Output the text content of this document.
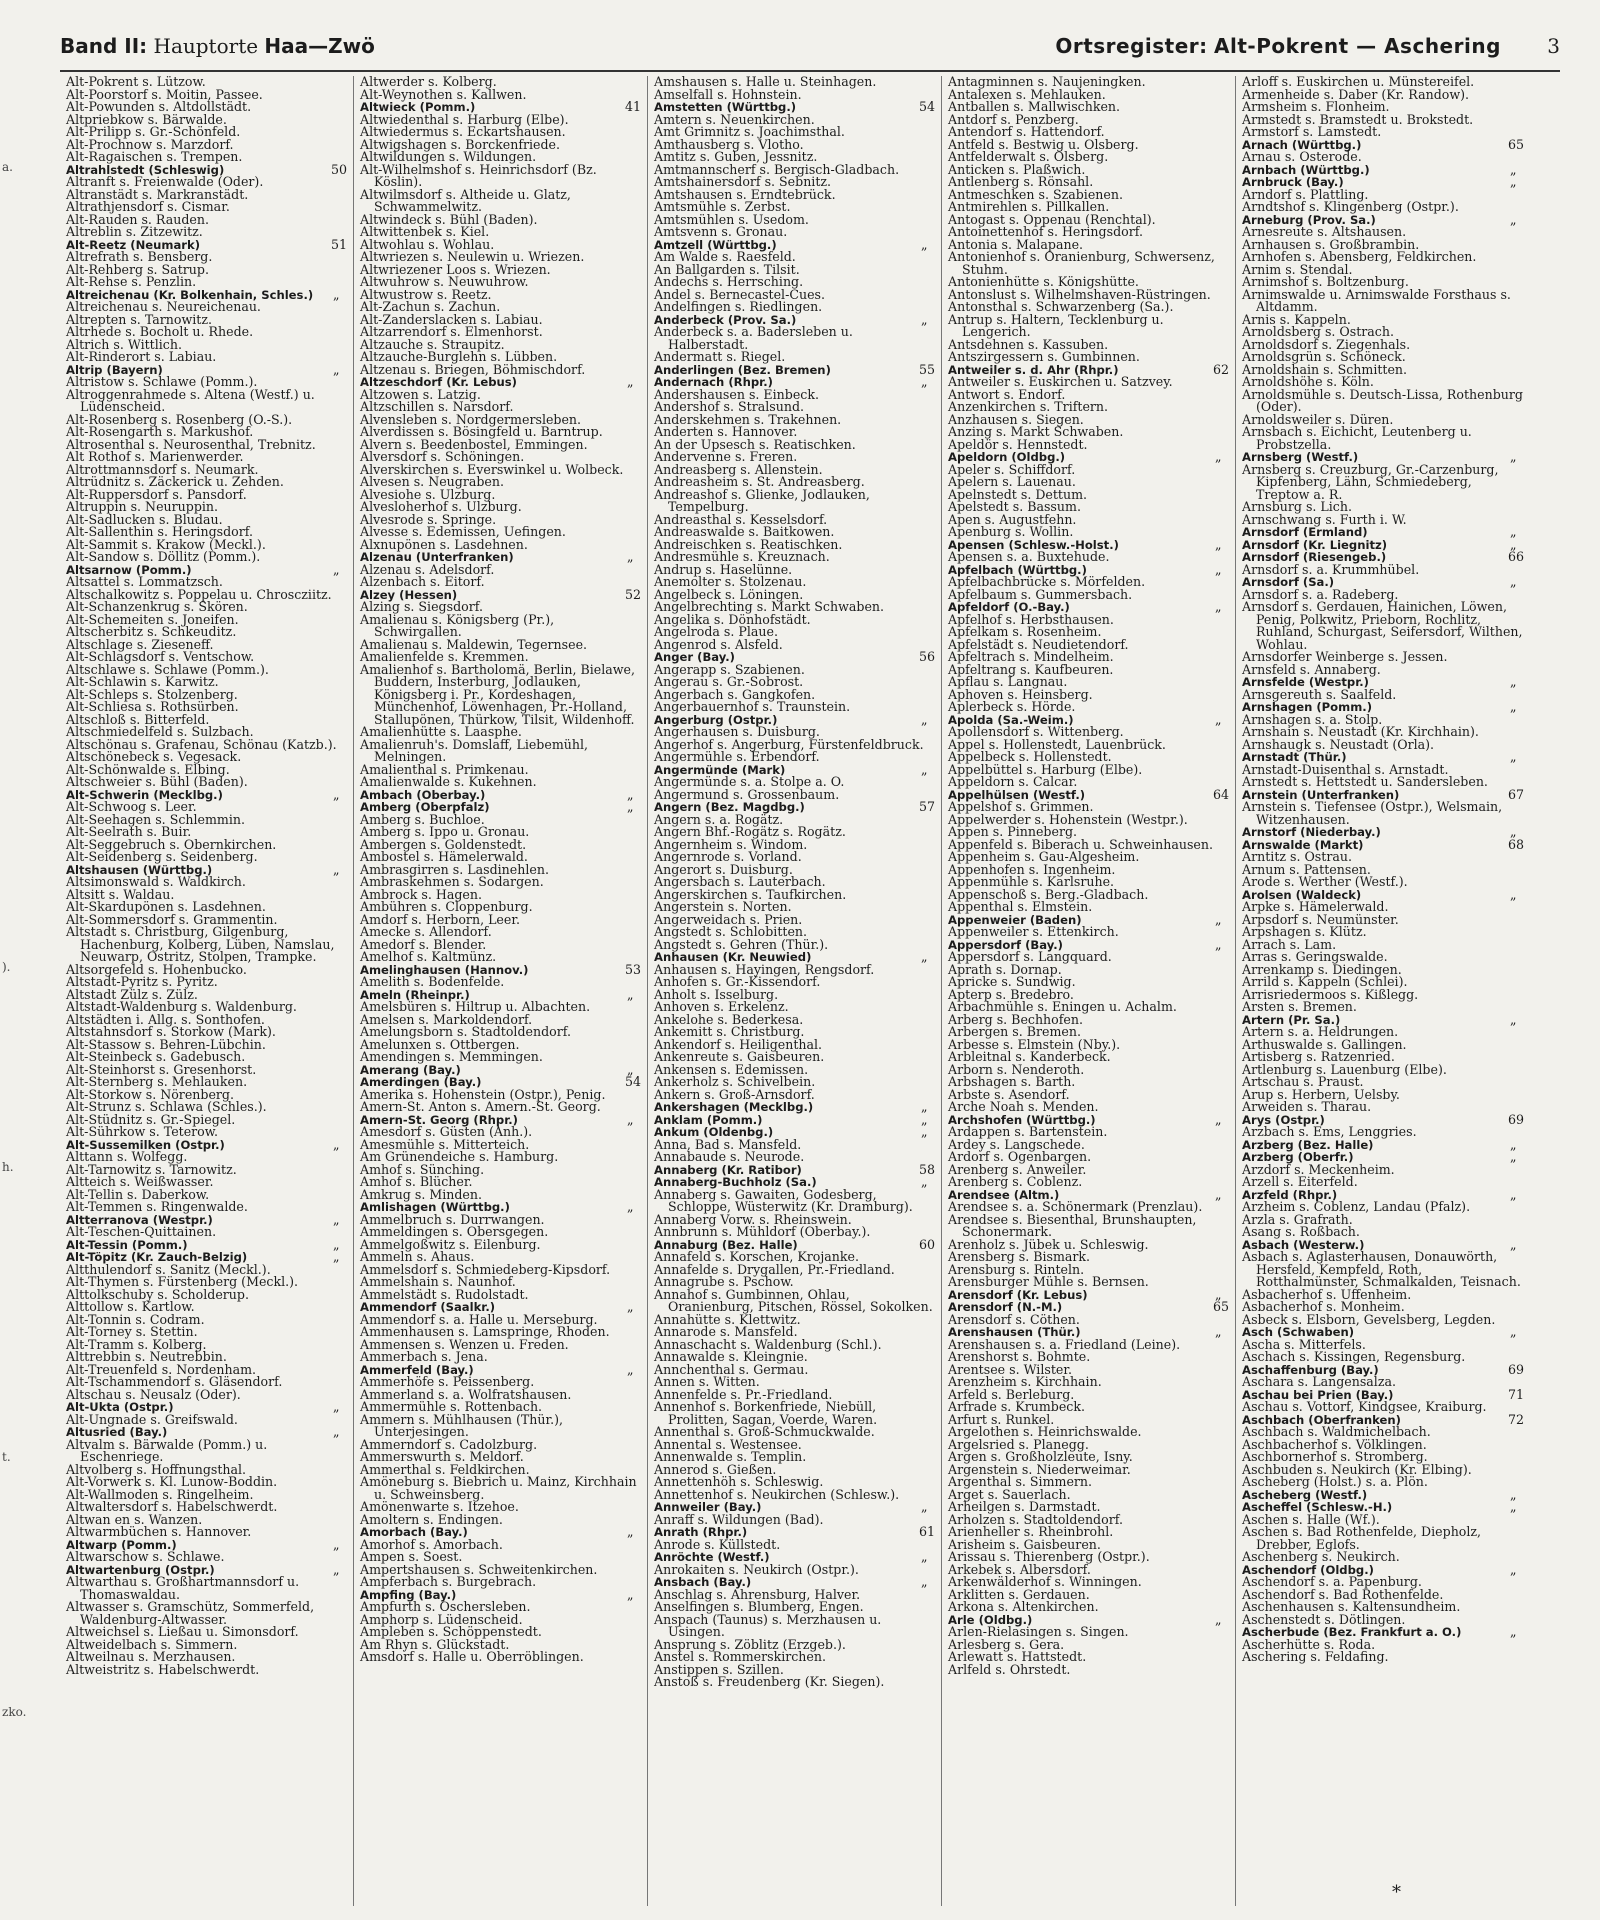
Band II: Hauptorte Haa—Zwö	Ortsregister: Alt-Pokrent — Aschering 3
a.
).
h.
t.
zko.

Alt-Pokrent s. Lützow.

Alt-Poorstorf s. Moitin, Passee.

Alt-Powunden s. Altdollstädt.

Altpriebkow s. Bärwalde.

Alt-Prilipp s. Gr.-Schönfeld.

Alt-Prochnow s. Marzdorf.

Alt-Ragaischen s. Trempen.

50
Altrahlstedt (Schleswig)

Altranft s. Freienwalde (Oder).

Altranstädt s. Markranstädt.

Altrathjensdorf s. Cismar.

Alt-Rauden s. Rauden.

Altreblin s. Zitzewitz.

51
Alt-Reetz (Neumark)

Altrefrath s. Bensberg.

Alt-Rehberg s. Satrup.

Alt-Rehse s. Penzlin.

„
Altreichenau (Kr. Bolkenhain, Schles.)

Altreichenau s. Neureichenau.

Altrepten s. Tarnowitz.

Altrhede s. Bocholt u. Rhede.

Altrich s. Wittlich.

Alt-Rinderort s. Labiau.

„
Altrip (Bayern)

Altristow s. Schlawe (Pomm.).

Altroggenrahmede s. Altena (Westf.) u. Lüdenscheid.

Alt-Rosenberg s. Rosenberg (O.-S.).

Alt-Rosengarth s. Markushof.

Altrosenthal s. Neurosenthal, Trebnitz.

Alt Rothof s. Marienwerder.

Altrottmannsdorf s. Neumark.

Altrüdnitz s. Zäckerick u. Zehden.

Alt-Ruppersdorf s. Pansdorf.

Altruppin s. Neuruppin.

Alt-Sadlucken s. Bludau.

Alt-Sallenthin s. Heringsdorf.

Alt-Sammit s. Krakow (Meckl.).

Alt-Sandow s. Döllitz (Pomm.).

„
Altsarnow (Pomm.)

Altsattel s. Lommatzsch.

Altschalkowitz s. Poppelau u. Chroscziitz.

Alt-Schanzenkrug s. Skören.

Alt-Schemeiten s. Joneifen.

Altscherbitz s. Schkeuditz.

Altschlage s. Zieseneff.

Alt-Schlagsdorf s. Ventschow.

Altschlawe s. Schlawe (Pomm.).

Alt-Schlawin s. Karwitz.

Alt-Schleps s. Stolzenberg.

Alt-Schliesa s. Rothsürben.

Altschloß s. Bitterfeld.

Altschmiedelfeld s. Sulzbach.

Altschönau s. Grafenau, Schönau (Katzb.).

Altschönebeck s. Vegesack.

Alt-Schönwalde s. Elbing.

Altschweier s. Bühl (Baden).

„
Alt-Schwerin (Mecklbg.)

Alt-Schwoog s. Leer.

Alt-Seehagen s. Schlemmin.

Alt-Seelrath s. Buir.

Alt-Seggebruch s. Obernkirchen.

Alt-Seidenberg s. Seidenberg.

„
Altshausen (Württbg.)

Altsimonswald s. Waldkirch.

Altsitt s. Waldau.

Alt-Skardupönen s. Lasdehnen.

Alt-Sommersdorf s. Grammentin.

Altstadt s. Christburg, Gilgenburg, Hachenburg, Kolberg, Lüben, Namslau, Neuwarp, Ostritz, Stolpen, Trampke.

Altsorgefeld s. Hohenbucko.

Altstadt-Pyritz s. Pyritz.

Altstadt Zülz s. Zülz.

Altstadt-Waldenburg s. Waldenburg.

Altstädten i. Allg. s. Sonthofen.

Altstahnsdorf s. Storkow (Mark).

Alt-Stassow s. Behren-Lübchin.

Alt-Steinbeck s. Gadebusch.

Alt-Steinhorst s. Gresenhorst.

Alt-Sternberg s. Mehlauken.

Alt-Storkow s. Nörenberg.

Alt-Strunz s. Schlawa (Schles.).

Alt-Stüdnitz s. Gr.-Spiegel.

Alt-Sührkow s. Teterow.

„
Alt-Sussemilken (Ostpr.)

Alttann s. Wolfegg.

Alt-Tarnowitz s. Tarnowitz.

Altteich s. Weißwasser.

Alt-Tellin s. Daberkow.

Alt-Temmen s. Ringenwalde.

„
Altterranova (Westpr.)

Alt-Teschen-Quittainen.

„
Alt-Tessin (Pomm.)

„
Alt-Töpitz (Kr. Zauch-Belzig)

Altthulendorf s. Sanitz (Meckl.).

Alt-Thymen s. Fürstenberg (Meckl.).

Alttolkschuby s. Scholderup.

Alttollow s. Kartlow.

Alt-Tonnin s. Codram.

Alt-Torney s. Stettin.

Alt-Tramm s. Kolberg.

Alttrebbin s. Neutrebbin.

Alt-Treuenfeld s. Nordenham.

Alt-Tschammendorf s. Gläsendorf.

Altschau s. Neusalz (Oder).

„
Alt-Ukta (Ostpr.)

Alt-Ungnade s. Greifswald.

„
Altusried (Bay.)

Altvalm s. Bärwalde (Pomm.) u. Eschenriege.

Altvolberg s. Hoffnungsthal.

Alt-Vorwerk s. Kl. Lunow-Boddin.

Alt-Wallmoden s. Ringelheim.

Altwaltersdorf s. Habelschwerdt.

Altwan en s. Wanzen.

Altwarmbüchen s. Hannover.

„
Altwarp (Pomm.)

Altwarschow s. Schlawe.

„
Altwartenburg (Ostpr.)

Altwarthau s. Großhartmannsdorf u. Thomaswaldau.

Altwasser s. Gramschütz, Sommerfeld, Waldenburg-Altwasser.

Altweichsel s. Ließau u. Simonsdorf.

Altweidelbach s. Simmern.

Altweilnau s. Merzhausen.

Altweistritz s. Habelschwerdt.

Altwerder s. Kolberg.

Alt-Weynothen s. Kallwen.

41
Altwieck (Pomm.)

Altwiedenthal s. Harburg (Elbe).

Altwiedermus s. Eckartshausen.

Altwigshagen s. Borckenfriede.

Altwildungen s. Wildungen.

Alt-Wilhelmshof s. Heinrichsdorf (Bz. Köslin).

Altwilmsdorf s. Altheide u. Glatz, Schwammelwitz.

Altwindeck s. Bühl (Baden).

Altwittenbek s. Kiel.

Altwohlau s. Wohlau.

Altwriezen s. Neulewin u. Wriezen.

Altwriezener Loos s. Wriezen.

Altwuhrow s. Neuwuhrow.

Altwustrow s. Reetz.

Alt-Zachun s. Zachun.

Alt-Zanderslacken s. Labiau.

Altzarrendorf s. Elmenhorst.

Altzauche s. Straupitz.

Altzauche-Burglehn s. Lübben.

Altzenau s. Briegen, Böhmischdorf.

„
Altzeschdorf (Kr. Lebus)

Altzowen s. Latzig.

Altzschillen s. Narsdorf.

Alvensleben s. Nordgermersleben.

Alverdissen s. Bösingfeld u. Barntrup.

Alvern s. Beedenbostel, Emmingen.

Alversdorf s. Schöningen.

Alverskirchen s. Everswinkel u. Wolbeck.

Alvesen s. Neugraben.

Alvesiohe s. Ulzburg.

Alvesloherhof s. Ulzburg.

Alvesrode s. Springe.

Alvesse s. Edemissen, Uefingen.

Alxnupönen s. Lasdehnen.

„
Alzenau (Unterfranken)

Alzenau s. Adelsdorf.

Alzenbach s. Eitorf.

52
Alzey (Hessen)

Alzing s. Siegsdorf.

Amalienau s. Königsberg (Pr.), Schwirgallen.

Amalienau s. Maldewin, Tegernsee.

Amalienfelde s. Kremmen.

Amalienhof s. Bartholomä, Berlin, Bielawe, Buddern, Insterburg, Jodlauken, Königsberg i. Pr., Kordeshagen, Münchenhof, Löwenhagen, Pr.-Holland, Stallupönen, Thürkow, Tilsit, Wildenhoff.

Amalienhütte s. Laasphe.

Amalienruh's. Domslaff, Liebemühl, Melningen.

Amalienthal s. Primkenau.

Amalienwalde s. Kukehnen.

„
Ambach (Oberbay.)

„
Amberg (Oberpfalz)

Amberg s. Buchloe.

Amberg s. Ippo u. Gronau.

Ambergen s. Goldenstedt.

Ambostel s. Hämelerwald.

Ambrasgirren s. Lasdinehlen.

Ambraskehmen s. Sodargen.

Ambrock s. Hagen.

Ambühren s. Cloppenburg.

Amdorf s. Herborn, Leer.

Amecke s. Allendorf.

Amedorf s. Blender.

Amelhof s. Kaltmünz.

53
Amelinghausen (Hannov.)

Amelith s. Bodenfelde.

„
Ameln (Rheinpr.)

Amelsbüren s. Hiltrup u. Albachten.

Amelsen s. Markoldendorf.

Amelungsborn s. Stadtoldendorf.

Amelunxen s. Ottbergen.

Amendingen s. Memmingen.

„
Amerang (Bay.)

54
Amerdingen (Bay.)

Amerika s. Hohenstein (Ostpr.), Penig.

Amern-St. Anton s. Amern.-St. Georg.

„
Amern-St. Georg (Rhpr.)

Amesdorf s. Güsten (Anh.).

Amesmühle s. Mitterteich.

Am Grünendeiche s. Hamburg.

Amhof s. Sünching.

Amhof s. Blücher.

Amkrug s. Minden.

„
Amlishagen (Württbg.)

Ammelbruch s. Durrwangen.

Ammeldingen s. Obersgegen.

Ammelgoßwitz s. Eilenburg.

Ammeln s. Ahaus.

Ammelsdorf s. Schmiedeberg-Kipsdorf.

Ammelshain s. Naunhof.

Ammelstädt s. Rudolstadt.

„
Ammendorf (Saalkr.)

Ammendorf s. a. Halle u. Merseburg.

Ammenhausen s. Lamspringe, Rhoden.

Ammensen s. Wenzen u. Freden.

Ammerbach s. Jena.

„
Ammerfeld (Bay.)

Ammerhöfe s. Peissenberg.

Ammerland s. a. Wolfratshausen.

Ammermühle s. Rottenbach.

Ammern s. Mühlhausen (Thür.), Unterjesingen.

Ammerndorf s. Cadolzburg.

Ammerswurth s. Meldorf.

Ammerthal s. Feldkirchen.

Amöneburg s. Biebrich u. Mainz, Kirchhain u. Schweinsberg.

Amönenwarte s. Itzehoe.

Amoltern s. Endingen.

„
Amorbach (Bay.)

Amorhof s. Amorbach.

Ampen s. Soest.

Ampertshausen s. Schweitenkirchen.

Ampferbach s. Burgebrach.

„
Ampfing (Bay.)

Ampfurth s. Oschersleben.

Amphorp s. Lüdenscheid.

Ampleben s. Schöppenstedt.

Am Rhyn s. Glückstadt.

Amsdorf s. Halle u. Oberröblingen.

Amshausen s. Halle u. Steinhagen.

Amselfall s. Hohnstein.

54
Amstetten (Württbg.)

Amtern s. Neuenkirchen.

Amt Grimnitz s. Joachimsthal.

Amthausberg s. Vlotho.

Amtitz s. Guben, Jessnitz.

Amtmannscherf s. Bergisch-Gladbach.

Amtshainersdorf s. Sebnitz.

Amtshausen s. Erndtebrück.

Amtsmühle s. Zerbst.

Amtsmühlen s. Usedom.

Amtsvenn s. Gronau.

„
Amtzell (Württbg.)

Am Walde s. Raesfeld.

An Ballgarden s. Tilsit.

Andechs s. Herrsching.

Andel s. Bernecastel-Cues.

Andelfingen s. Riedlingen.

„
Anderbeck (Prov. Sa.)

Anderbeck s. a. Badersleben u. Halberstadt.

Andermatt s. Riegel.

55
Anderlingen (Bez. Bremen)

„
Andernach (Rhpr.)

Andershausen s. Einbeck.

Andershof s. Stralsund.

Anderskehmen s. Trakehnen.

Anderten s. Hannover.

An der Upsesch s. Reatischken.

Andervenne s. Freren.

Andreasberg s. Allenstein.

Andreasheim s. St. Andreasberg.

Andreashof s. Glienke, Jodlauken, Tempelburg.

Andreasthal s. Kesselsdorf.

Andreaswalde s. Baitkowen.

Andreischken s. Reatischken.

Andresmühle s. Kreuznach.

Andrup s. Haselünne.

Anemolter s. Stolzenau.

Angelbeck s. Löningen.

Angelbrechting s. Markt Schwaben.

Angelika s. Dönhofstädt.

Angelroda s. Plaue.

Angenrod s. Alsfeld.

56
Anger (Bay.)

Angerapp s. Szabienen.

Angerau s. Gr.-Sobrost.

Angerbach s. Gangkofen.

Angerbauernhof s. Traunstein.

„
Angerburg (Ostpr.)

Angerhausen s. Duisburg.

Angerhof s. Angerburg, Fürstenfeldbruck.

Angermühle s. Erbendorf.

„
Angermünde (Mark)

Angermünde s. a. Stolpe a. O.

Angermund s. Grossenbaum.

57
Angern (Bez. Magdbg.)

Angern s. a. Rogätz.

Angern Bhf.-Rogätz s. Rogätz.

Angernheim s. Windom.

Angernrode s. Vorland.

Angerort s. Duisburg.

Angersbach s. Lauterbach.

Angerskirchen s. Taufkirchen.

Angerstein s. Norten.

Angerweidach s. Prien.

Angstedt s. Schlobitten.

Angstedt s. Gehren (Thür.).

„
Anhausen (Kr. Neuwied)

Anhausen s. Hayingen, Rengsdorf.

Anhofen s. Gr.-Kissendorf.

Anholt s. Isselburg.

Anhoven s. Erkelenz.

Ankelohe s. Bederkesa.

Ankemitt s. Christburg.

Ankendorf s. Heiligenthal.

Ankenreute s. Gaisbeuren.

Ankensen s. Edemissen.

Ankerholz s. Schivelbein.

Ankern s. Groß-Arnsdorf.

„
Ankershagen (Mecklbg.)

„
Anklam (Pomm.)

„
Ankum (Oldenbg.)

Anna, Bad s. Mansfeld.

Annabaude s. Neurode.

58
Annaberg (Kr. Ratibor)

„
Annaberg-Buchholz (Sa.)

Annaberg s. Gawaiten, Godesberg, Schloppe, Wüsterwitz (Kr. Dramburg).

Annaberg Vorw. s. Rheinswein.

Annbrunn s. Mühldorf (Oberbay.).

60
Annaburg (Bez. Halle)

Annafeld s. Korschen, Krojanke.

Annafelde s. Drygallen, Pr.-Friedland.

Annagrube s. Pschow.

Annahof s. Gumbinnen, Ohlau, Oranienburg, Pitschen, Rössel, Sokolken.

Annahütte s. Klettwitz.

Annarode s. Mansfeld.

Annaschacht s. Waldenburg (Schl.).

Annawalde s. Kleingnie.

Annchenthal s. Germau.

Annen s. Witten.

Annenfelde s. Pr.-Friedland.

Annenhof s. Borkenfriede, Niebüll, Prolitten, Sagan, Voerde, Waren.

Annenthal s. Groß-Schmuckwalde.

Annental s. Westensee.

Annenwalde s. Templin.

Annerod s. Gießen.

Annettenhöh s. Schleswig.

Annettenhof s. Neukirchen (Schlesw.).

„
Annweiler (Bay.)

Anraff s. Wildungen (Bad).

61
Anrath (Rhpr.)

Anrode s. Küllstedt.

„
Anröchte (Westf.)

Anrokaiten s. Neukirch (Ostpr.).

„
Ansbach (Bay.)

Anschlag s. Ahrensburg, Halver.

Anselfingen s. Blumberg, Engen.

Anspach (Taunus) s. Merzhausen u. Usingen.

Ansprung s. Zöblitz (Erzgeb.).

Anstel s. Rommerskirchen.

Anstippen s. Szillen.

Anstoß s. Freudenberg (Kr. Siegen).

Antagminnen s. Naujeningken.

Antalexen s. Mehlauken.

Antballen s. Mallwischken.

Antdorf s. Penzberg.

Antendorf s. Hattendorf.

Antfeld s. Bestwig u. Olsberg.

Antfelderwalt s. Olsberg.

Anticken s. Plaßwich.

Antlenberg s. Rönsahl.

Antmeschken s. Szabienen.

Antmirehlen s. Pillkallen.

Antogast s. Oppenau (Renchtal).

Antoinettenhof s. Heringsdorf.

Antonia s. Malapane.

Antonienhof s. Oranienburg, Schwersenz, Stuhm.

Antonienhütte s. Königshütte.

Antonslust s. Wilhelmshaven-Rüstringen.

Antonsthal s. Schwarzenberg (Sa.).

Antrup s. Haltern, Tecklenburg u. Lengerich.

Antsdehnen s. Kassuben.

Antszirgessern s. Gumbinnen.

62
Antweiler s. d. Ahr (Rhpr.)

Antweiler s. Euskirchen u. Satzvey.

Antwort s. Endorf.

Anzenkirchen s. Triftern.

Anzhausen s. Siegen.

Anzing s. Markt Schwaben.

Apeldör s. Hennstedt.

„
Apeldorn (Oldbg.)

Apeler s. Schiffdorf.

Apelern s. Lauenau.

Apelnstedt s. Dettum.

Apelstedt s. Bassum.

Apen s. Augustfehn.

Apenburg s. Wollin.

„
Apensen (Schlesw.-Holst.)

Apensen s. a. Buxtehude.

„
Apfelbach (Württbg.)

Apfelbachbrücke s. Mörfelden.

Apfelbaum s. Gummersbach.

„
Apfeldorf (O.-Bay.)

Apfelhof s. Herbsthausen.

Apfelkam s. Rosenheim.

Apfelstädt s. Neudietendorf.

Apfeltrach s. Mindelheim.

Apfeltrang s. Kaufbeuren.

Apflau s. Langnau.

Aphoven s. Heinsberg.

Aplerbeck s. Hörde.

„
Apolda (Sa.-Weim.)

Apollensdorf s. Wittenberg.

Appel s. Hollenstedt, Lauenbrück.

Appelbeck s. Hollenstedt.

Appelbüttel s. Harburg (Elbe).

Appeldorn s. Calcar.

64
Appelhülsen (Westf.)

Appelshof s. Grimmen.

Appelwerder s. Hohenstein (Westpr.).

Appen s. Pinneberg.

Appenfeld s. Biberach u. Schweinhausen.

Appenheim s. Gau-Algesheim.

Appenhofen s. Ingenheim.

Appenmühle s. Karlsruhe.

Appenschoß s. Berg.-Gladbach.

Appenthal s. Elmstein.

„
Appenweier (Baden)

Appenweiler s. Ettenkirch.

„
Appersdorf (Bay.)

Appersdorf s. Langquard.

Aprath s. Dornap.

Apricke s. Sundwig.

Apterp s. Bredebro.

Arbachmühle s. Eningen u. Achalm.

Arberg s. Bechhofen.

Arbergen s. Bremen.

Arbesse s. Elmstein (Nby.).

Arbleitnal s. Kanderbeck.

Arborn s. Nenderoth.

Arbshagen s. Barth.

Arbste s. Asendorf.

Arche Noah s. Menden.

„
Archshofen (Württbg.)

Ardappen s. Bartenstein.

Ardey s. Langschede.

Ardorf s. Ogenbargen.

Arenberg s. Anweiler.

Arenberg s. Coblenz.

„
Arendsee (Altm.)

Arendsee s. a. Schönermark (Prenzlau).

Arendsee s. Biesenthal, Brunshaupten, Schonermark.

Arenholz s. Jübek u. Schleswig.

Arensberg s. Bismark.

Arensburg s. Rinteln.

Arensburger Mühle s. Bernsen.

„
Arensdorf (Kr. Lebus)

65
Arensdorf (N.-M.)

Arensdorf s. Cöthen.

„
Arenshausen (Thür.)

Arenshausen s. a. Friedland (Leine).

Arenshorst s. Bohmte.

Arentsee s. Wilster.

Arenzheim s. Kirchhain.

Arfeld s. Berleburg.

Arfrade s. Krumbeck.

Arfurt s. Runkel.

Argelothen s. Heinrichswalde.

Argelsried s. Planegg.

Argen s. Großholzleute, Isny.

Argenstein s. Niederweimar.

Argenthal s. Simmern.

Arget s. Sauerlach.

Arheilgen s. Darmstadt.

Arholzen s. Stadtoldendorf.

Arienheller s. Rheinbrohl.

Arisheim s. Gaisbeuren.

Arissau s. Thierenberg (Ostpr.).

Arkebek s. Albersdorf.

Arkenwälderhof s. Winningen.

Arklitten s. Gerdauen.

Arkona s. Altenkirchen.

„
Arle (Oldbg.)

Arlen-Rielasingen s. Singen.

Arlesberg s. Gera.

Arlewatt s. Hattstedt.

Arlfeld s. Ohrstedt.

Arloff s. Euskirchen u. Münstereifel.

Armenheide s. Daber (Kr. Randow).

Armsheim s. Flonheim.

Armstedt s. Bramstedt u. Brokstedt.

Armstorf s. Lamstedt.

65
Arnach (Württbg.)

Arnau s. Osterode.

„
Arnbach (Württbg.)

„
Arnbruck (Bay.)

Arndorf s. Plattling.

Arndtshof s. Klingenberg (Ostpr.).

„
Arneburg (Prov. Sa.)

Arnesreute s. Altshausen.

Arnhausen s. Großbrambin.

Arnhofen s. Abensberg, Feldkirchen.

Arnim s. Stendal.

Arnimshof s. Boltzenburg.

Arnimswalde u. Arnimswalde Forsthaus s. Altdamm.

Arnis s. Kappeln.

Arnoldsberg s. Ostrach.

Arnoldsdorf s. Ziegenhals.

Arnoldsgrün s. Schöneck.

Arnoldshain s. Schmitten.

Arnoldshöhe s. Köln.

Arnoldsmühle s. Deutsch-Lissa, Rothenburg (Oder).

Arnoldsweiler s. Düren.

Arnsbach s. Eichicht, Leutenberg u. Probstzella.

„
Arnsberg (Westf.)

Arnsberg s. Creuzburg, Gr.-Carzenburg, Kipfenberg, Lähn, Schmiedeberg, Treptow a. R.

Arnsburg s. Lich.

Arnschwang s. Furth i. W.

„
Arnsdorf (Ermland)

„
Arnsdorf (Kr. Liegnitz)

66
Arnsdorf (Riesengeb.)

Arnsdorf s. a. Krummhübel.

„
Arnsdorf (Sa.)

Arnsdorf s. a. Radeberg.

Arnsdorf s. Gerdauen, Hainichen, Löwen, Penig, Polkwitz, Prieborn, Rochlitz, Ruhland, Schurgast, Seifersdorf, Wilthen, Wohlau.

Arnsdorfer Weinberge s. Jessen.

Arnsfeld s. Annaberg.

„
Arnsfelde (Westpr.)

Arnsgereuth s. Saalfeld.

„
Arnshagen (Pomm.)

Arnshagen s. a. Stolp.

Arnshain s. Neustadt (Kr. Kirchhain).

Arnshaugk s. Neustadt (Orla).

„
Arnstadt (Thür.)

Arnstadt-Duisenthal s. Arnstadt.

Arnstedt s. Hettstedt u. Sandersleben.

67
Arnstein (Unterfranken)

Arnstein s. Tiefensee (Ostpr.), Welsmain, Witzenhausen.

„
Arnstorf (Niederbay.)

68
Arnswalde (Markt)

Arntitz s. Ostrau.

Arnum s. Pattensen.

Arode s. Werther (Westf.).

„
Arolsen (Waldeck)

Arpke s. Hämelerwald.

Arpsdorf s. Neumünster.

Arpshagen s. Klütz.

Arrach s. Lam.

Arras s. Geringswalde.

Arrenkamp s. Diedingen.

Arrild s. Kappeln (Schlei).

Arrisriedermoos s. Kißlegg.

Arsten s. Bremen.

„
Artern (Pr. Sa.)

Artern s. a. Heldrungen.

Arthuswalde s. Gallingen.

Artisberg s. Ratzenried.

Artlenburg s. Lauenburg (Elbe).

Artschau s. Praust.

Arup s. Herbern, Uelsby.

Arweiden s. Tharau.

69
Arys (Ostpr.)

Arzbach s. Ems, Lenggries.

„
Arzberg (Bez. Halle)

„
Arzberg (Oberfr.)

Arzdorf s. Meckenheim.

Arzell s. Eiterfeld.

„
Arzfeld (Rhpr.)

Arzheim s. Coblenz, Landau (Pfalz).

Arzla s. Grafrath.

Asang s. Roßbach.

„
Asbach (Westerw.)

Asbach s. Aglasterhausen, Donauwörth, Hersfeld, Kempfeld, Roth, Rotthalmünster, Schmalkalden, Teisnach.

Asbacherhof s. Uffenheim.

Asbacherhof s. Monheim.

Asbeck s. Elsborn, Gevelsberg, Legden.

„
Asch (Schwaben)

Ascha s. Mitterfels.

Aschach s. Kissingen, Regensburg.

69
Aschaffenburg (Bay.)

Aschara s. Langensalza.

71
Aschau bei Prien (Bay.)

Aschau s. Vottorf, Kindgsee, Kraiburg.

72
Aschbach (Oberfranken)

Aschbach s. Waldmichelbach.

Aschbacherhof s. Völklingen.

Aschbornerhof s. Stromberg.

Aschbuden s. Neukirch (Kr. Elbing).

Ascheberg (Holst.) s. a. Plön.

„
Ascheberg (Westf.)

„
Ascheffel (Schlesw.-H.)

Aschen s. Halle (Wf.).

Aschen s. Bad Rothenfelde, Diepholz, Drebber, Eglofs.

Aschenberg s. Neukirch.

„
Aschendorf (Oldbg.)

Aschendorf s. a. Papenburg.

Aschendorf s. Bad Rothenfelde.

Aschenhausen s. Kaltensundheim.

Aschenstedt s. Dötlingen.

„
Ascherbude (Bez. Frankfurt a. O.)

Ascherhütte s. Roda.

Aschering s. Feldafing.

*
